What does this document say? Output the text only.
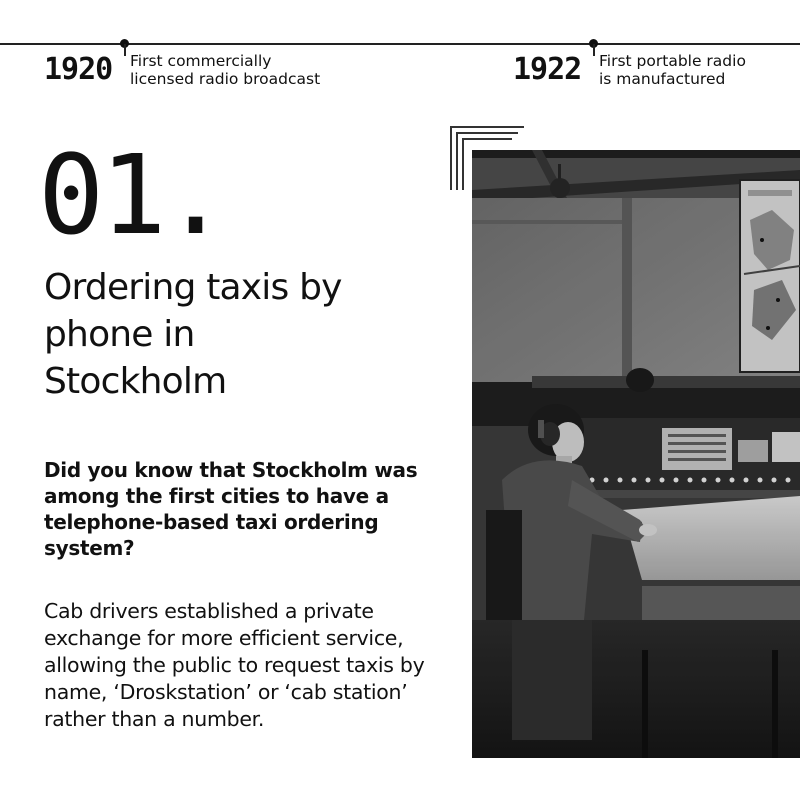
1920 First commercially
licensed radio broadcast	1922 First portable radio
is manufactured
01.
Ordering taxis by phone in Stockholm

Did you know that Stockholm was among the first cities to have a telephone-based taxi ordering system?

Cab drivers established a private exchange for more efficient service, allowing the public to request taxis by name, ‘Droskstation’ or ‘cab station’ rather than a number.
